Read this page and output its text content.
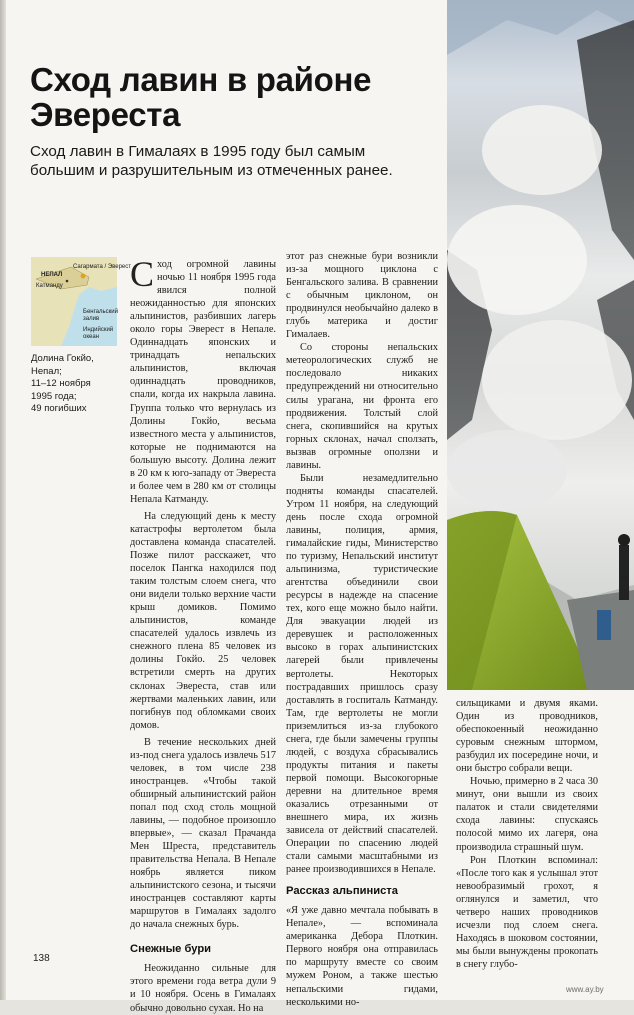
Сход лавин в районе Эвереста

Сход лавин в Гималаях в 1995 году был самым большим и разрушительным из отмеченных ранее.

Сагармата / Эверест
НЕПАЛ
Катманду
Бенгальский залив
Индийский океан
Долина Гокйо,
Непал;
11–12 ноября
1995 года;
49 погибших

Сход огромной лавины ночью 11 ноября 1995 года явился полной неожиданностью для японских альпинистов, разбивших лагерь около горы Эверест в Непале. Одиннадцать японских и тринадцать непальских альпинистов, включая одиннадцать проводников, спали, когда их накрыла лавина. Группа только что вернулась из Долины Гокйо, весьма известного места у альпинистов, которые не поднимаются на большую высоту. Долина лежит в 20 км к юго-западу от Эвереста и более чем в 280 км от столицы Непала Катманду.

На следующий день к месту катастрофы вертолетом была доставлена команда спасателей. Позже пилот расскажет, что поселок Пангка находился под таким толстым слоем снега, что они видели только верхние части крыш домиков. Помимо альпинистов, команде спасателей удалось извлечь из снежного плена 85 человек из долины Гокйо. 25 человек встретили смерть на других склонах Эвереста, став или жертвами маленьких лавин, или погибнув под обломками своих домов.

В течение нескольких дней из-под снега удалось извлечь 517 человек, в том числе 238 иностранцев. «Чтобы такой обширный альпинистский район попал под сход столь мощной лавины, — подобное произошло впервые», — сказал Прачанда Мен Шреста, представитель правительства Непала. В Непале ноябрь является пиком альпинистского сезона, и тысячи иностранцев составляют карты маршрутов в Гималаях задолго до начала снежных бурь.

Снежные бури

Неожиданно сильные для этого времени года ветра дули 9 и 10 ноября. Осень в Гималаях обычно довольно сухая. Но на

этот раз снежные бури возникли из-за мощного циклона с Бенгальского залива. В сравнении с обычным циклоном, он продвинулся необычайно далеко в глубь материка и достиг Гималаев.

Со стороны непальских метеорологических служб не последовало никаких предупреждений ни относительно силы урагана, ни фронта его продвижения. Толстый слой снега, скопившийся на крутых горных склонах, начал сползать, вызвав огромные оползни и лавины.

Были незамедлительно подняты команды спасателей. Утром 11 ноября, на следующий день после схода огромной лавины, полиция, армия, гималайские гиды, Министерство по туризму, Непальский институт альпинизма, туристические агентства объединили свои ресурсы в надежде на спасение тех, кого еще можно было найти. Для эвакуации людей из деревушек и расположенных высоко в горах альпинистских лагерей были привлечены вертолеты. Некоторых пострадавших пришлось сразу доставлять в госпиталь Катманду. Там, где вертолеты не могли приземлиться из-за глубокого снега, где были замечены группы людей, с воздуха сбрасывались продукты питания и пакеты первой помощи. Высокогорные деревни на длительное время оказались отрезанными от внешнего мира, их жизнь зависела от действий спасателей. Операции по спасению людей стали самыми масштабными из ранее производившихся в Непале.

Рассказ альпиниста

«Я уже давно мечтала побывать в Непале», — вспоминала американка Дебора Плоткин. Первого ноября она отправилась по маршруту вместе со своим мужем Роном, а также шестью непальскими гидами, несколькими но-

сильщиками и двумя яками. Один из проводников, обеспокоенный неожиданно суровым снежным штормом, разбудил их посередине ночи, и они быстро собрали вещи.

Ночью, примерно в 2 часа 30 минут, они вышли из своих палаток и стали свидетелями схода лавины: спускаясь полосой мимо их лагеря, она производила страшный шум.

Рон Плоткин вспоминал: «После того как я услышал этот невообразимый грохот, я оглянулся и заметил, что четверо наших проводников исчезли под слоем снега. Находясь в шоковом состоянии, мы были вынуждены прокопать в снегу глубо-

138
www.ay.by
